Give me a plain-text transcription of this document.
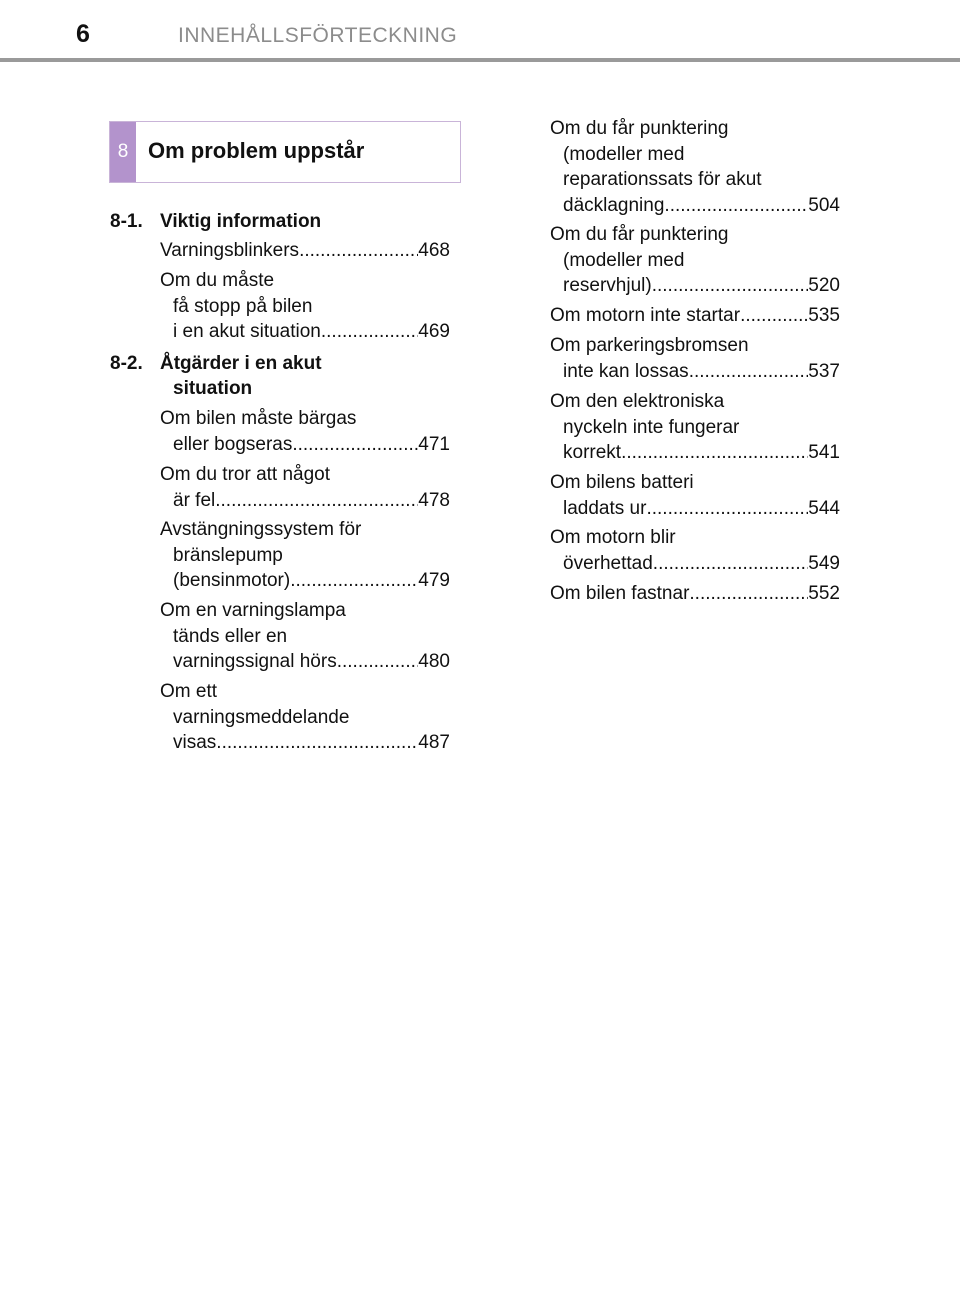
6	INNEHÅLLSFÖRTECKNING
8 Om problem uppstår
8-1. Viktig information
Varningsblinkers .....	468
Om du måste
få stopp på bilen
i en akut situation .....	469
8-2. Åtgärder i en akut
situation
Om bilen måste bärgas
eller bogseras .....	471
Om du tror att något
är fel .....	478
Avstängningssystem för
bränslepump
(bensinmotor) .....	479
Om en varningslampa
tänds eller en
varningssignal hörs .....	480
Om ett
varningsmeddelande
visas .....	487
Om du får punktering
(modeller med
reparationssats för akut
däcklagning .....	504
Om du får punktering
(modeller med
reservhjul) .....	520
Om motorn inte startar .....	535
Om parkeringsbromsen
inte kan lossas .....	537
Om den elektroniska
nyckeln inte fungerar
korrekt .....	541
Om bilens batteri
laddats ur .....	544
Om motorn blir
överhettad .....	549
Om bilen fastnar .....	552
